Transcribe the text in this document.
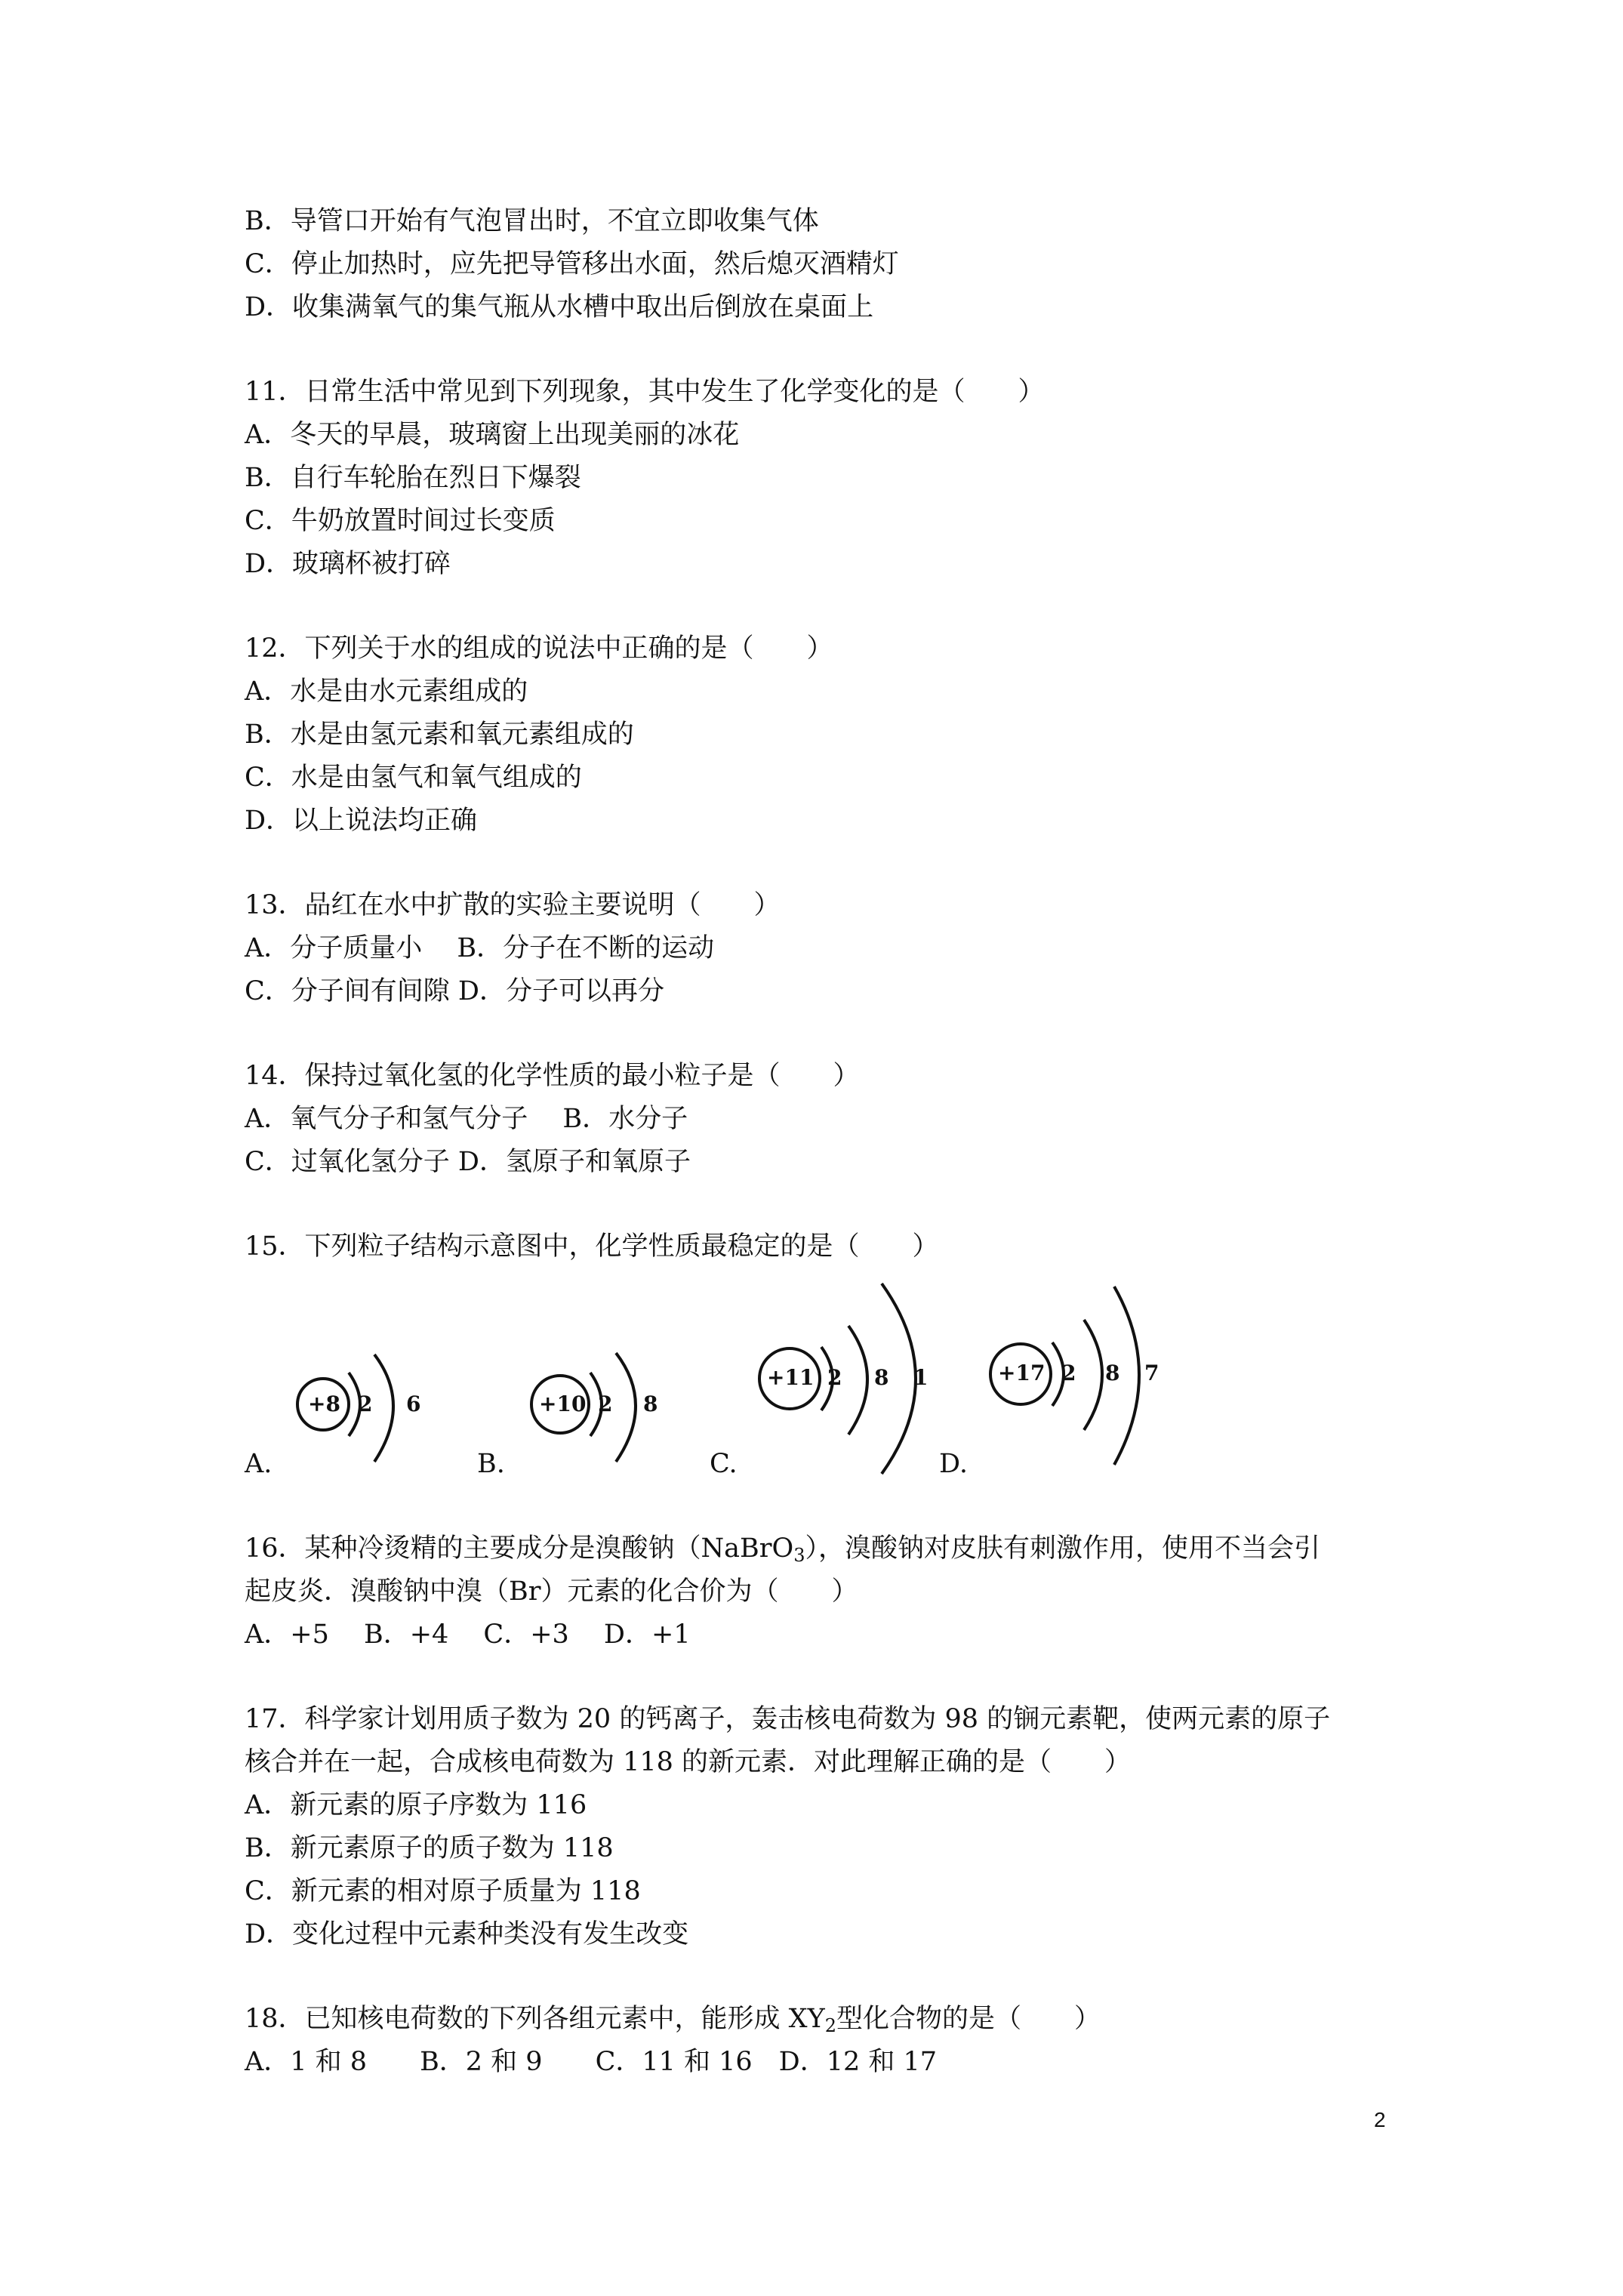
B．导管口开始有气泡冒出时，不宜立即收集气体
C．停止加热时，应先把导管移出水面，然后熄灭酒精灯
D．收集满氧气的集气瓶从水槽中取出后倒放在桌面上
11．日常生活中常见到下列现象，其中发生了化学变化的是（　　）
A．冬天的早晨，玻璃窗上出现美丽的冰花
B．自行车轮胎在烈日下爆裂
C．牛奶放置时间过长变质
D．玻璃杯被打碎
12．下列关于水的组成的说法中正确的是（　　）
A．水是由水元素组成的
B．水是由氢元素和氧元素组成的
C．水是由氢气和氧气组成的
D．以上说法均正确
13．品红在水中扩散的实验主要说明（　　）
A．分子质量小　 B．分子在不断的运动
C．分子间有间隙 D．分子可以再分
14．保持过氧化氢的化学性质的最小粒子是（　　）
A．氧气分子和氢气分子　 B．水分子
C．过氧化氢分子 D．氢原子和氧原子
15．下列粒子结构示意图中，化学性质最稳定的是（　　）
A.
+8 2 6
B.
+10 2 8
C.
+11 2 8 1
D.
+17 2 8 7
16．某种冷烫精的主要成分是溴酸钠（NaBrO$_3$），溴酸钠对皮肤有刺激作用，使用不当会引
起皮炎．溴酸钠中溴（Br）元素的化合价为（　　）
A．+5　 B．+4　 C．+3　 D．+1
17．科学家计划用质子数为 20 的钙离子，轰击核电荷数为 98 的锎元素靶，使两元素的原子
核合并在一起，合成核电荷数为 118 的新元素．对此理解正确的是（　　）
A．新元素的原子序数为 116
B．新元素原子的质子数为 118
C．新元素的相对原子质量为 118
D．变化过程中元素种类没有发生改变
18．已知核电荷数的下列各组元素中，能形成 $XY_2$型化合物的是（　　）
A．1 和 8　　B．2 和 9　　C．11 和 16　D．12 和 17
2
